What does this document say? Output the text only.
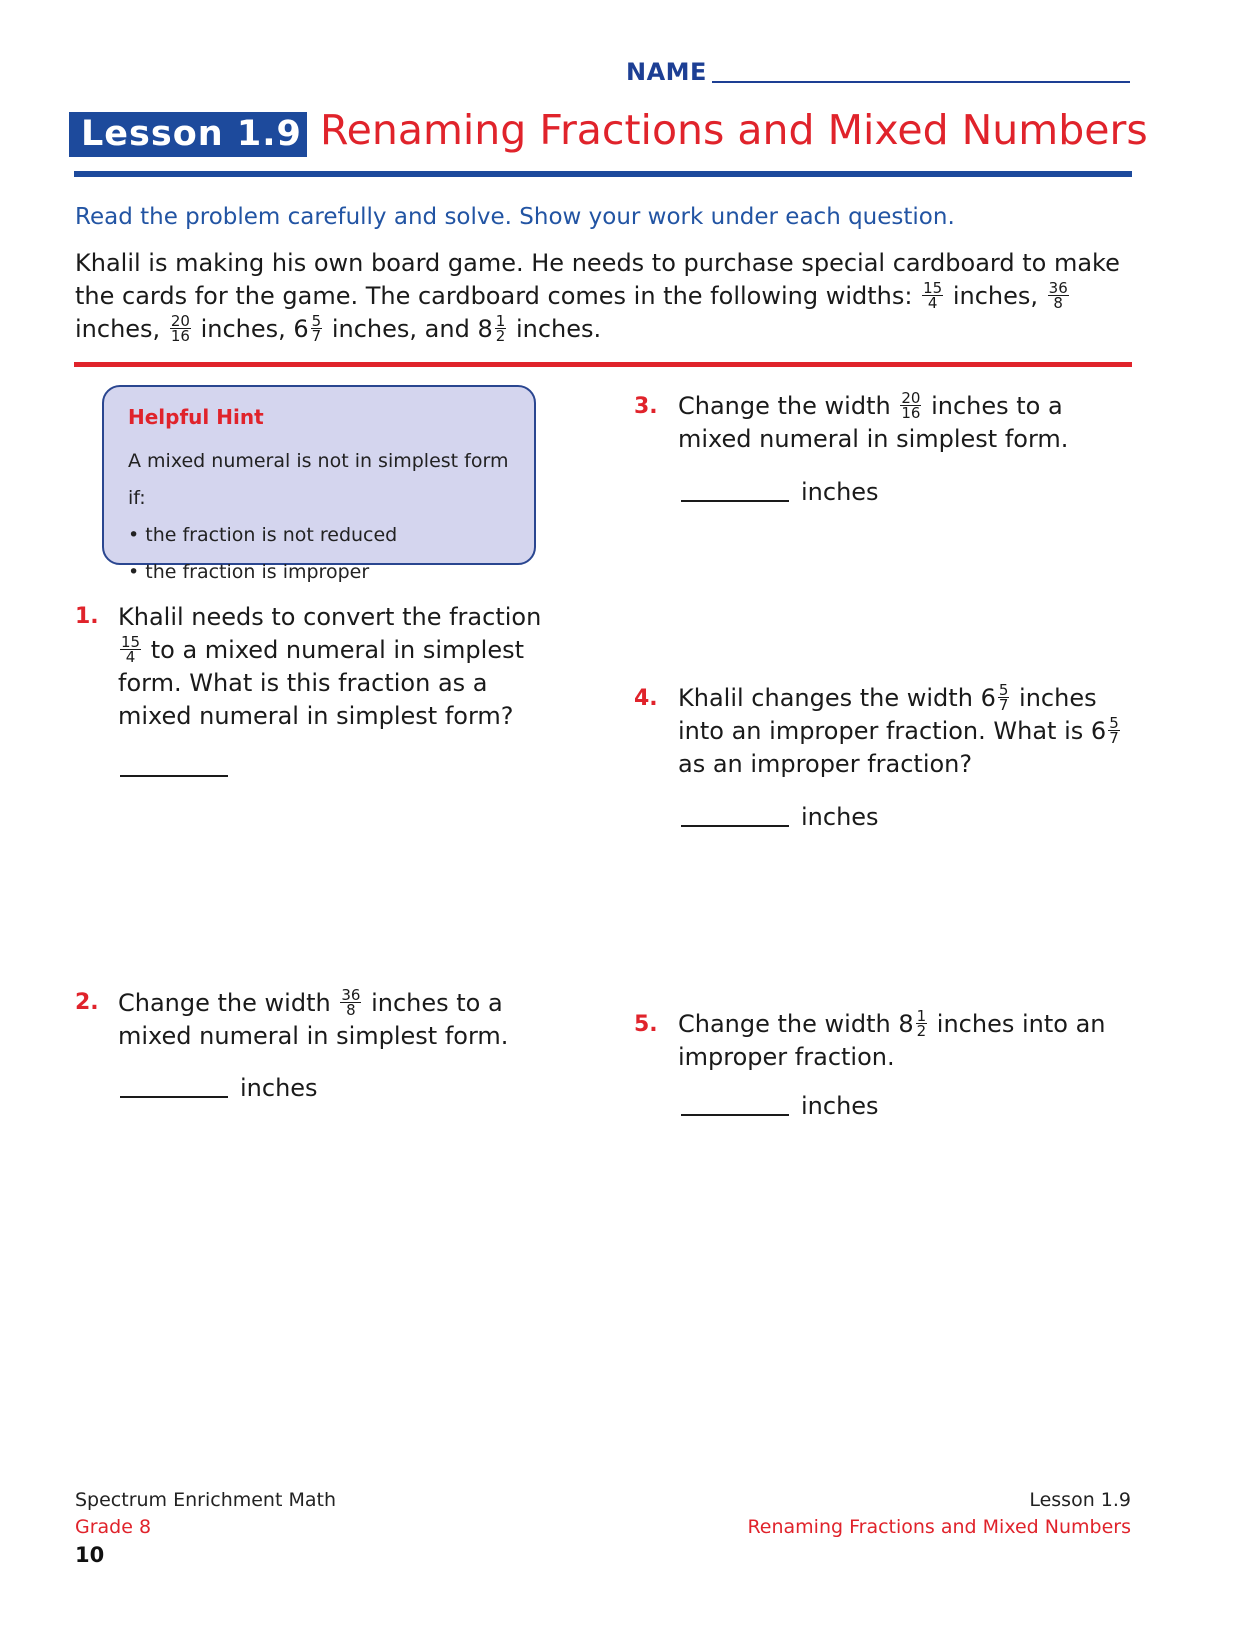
NAME
Lesson 1.9 Renaming Fractions and Mixed Numbers
Read the problem carefully and solve. Show your work under each question.
Khalil is making his own board game. He needs to purchase special cardboard to make the cards for the game. The cardboard comes in the following widths: $\frac{15}{4}$ inches, $\frac{36}{8}$
inches, $\frac{20}{16}$ inches, $6 \frac{5}{7}$ inches, and $8 \frac{1}{2}$ inches.
Helpful Hint
A mixed numeral is not in simplest form if:
• the fraction is not reduced
• the fraction is improper
1. Khalil needs to convert the fraction
$\frac{15}{4}$ to a mixed numeral in simplest form. What is this fraction as a mixed numeral in simplest form?
2. Change the width $\frac{36}{8}$ inches to a mixed numeral in simplest form.
inches
3. Change the width $\frac{20}{16}$ inches to a mixed numeral in simplest form.
inches
4. Khalil changes the width $6 \frac{5}{7}$ inches into an improper fraction. What is $6 \frac{5}{7}$
as an improper fraction?
inches
5. Change the width $8 \frac{1}{2}$ inches into an improper fraction.
inches
Spectrum Enrichment Math
Grade 8
10
Lesson 1.9
Renaming Fractions and Mixed Numbers
